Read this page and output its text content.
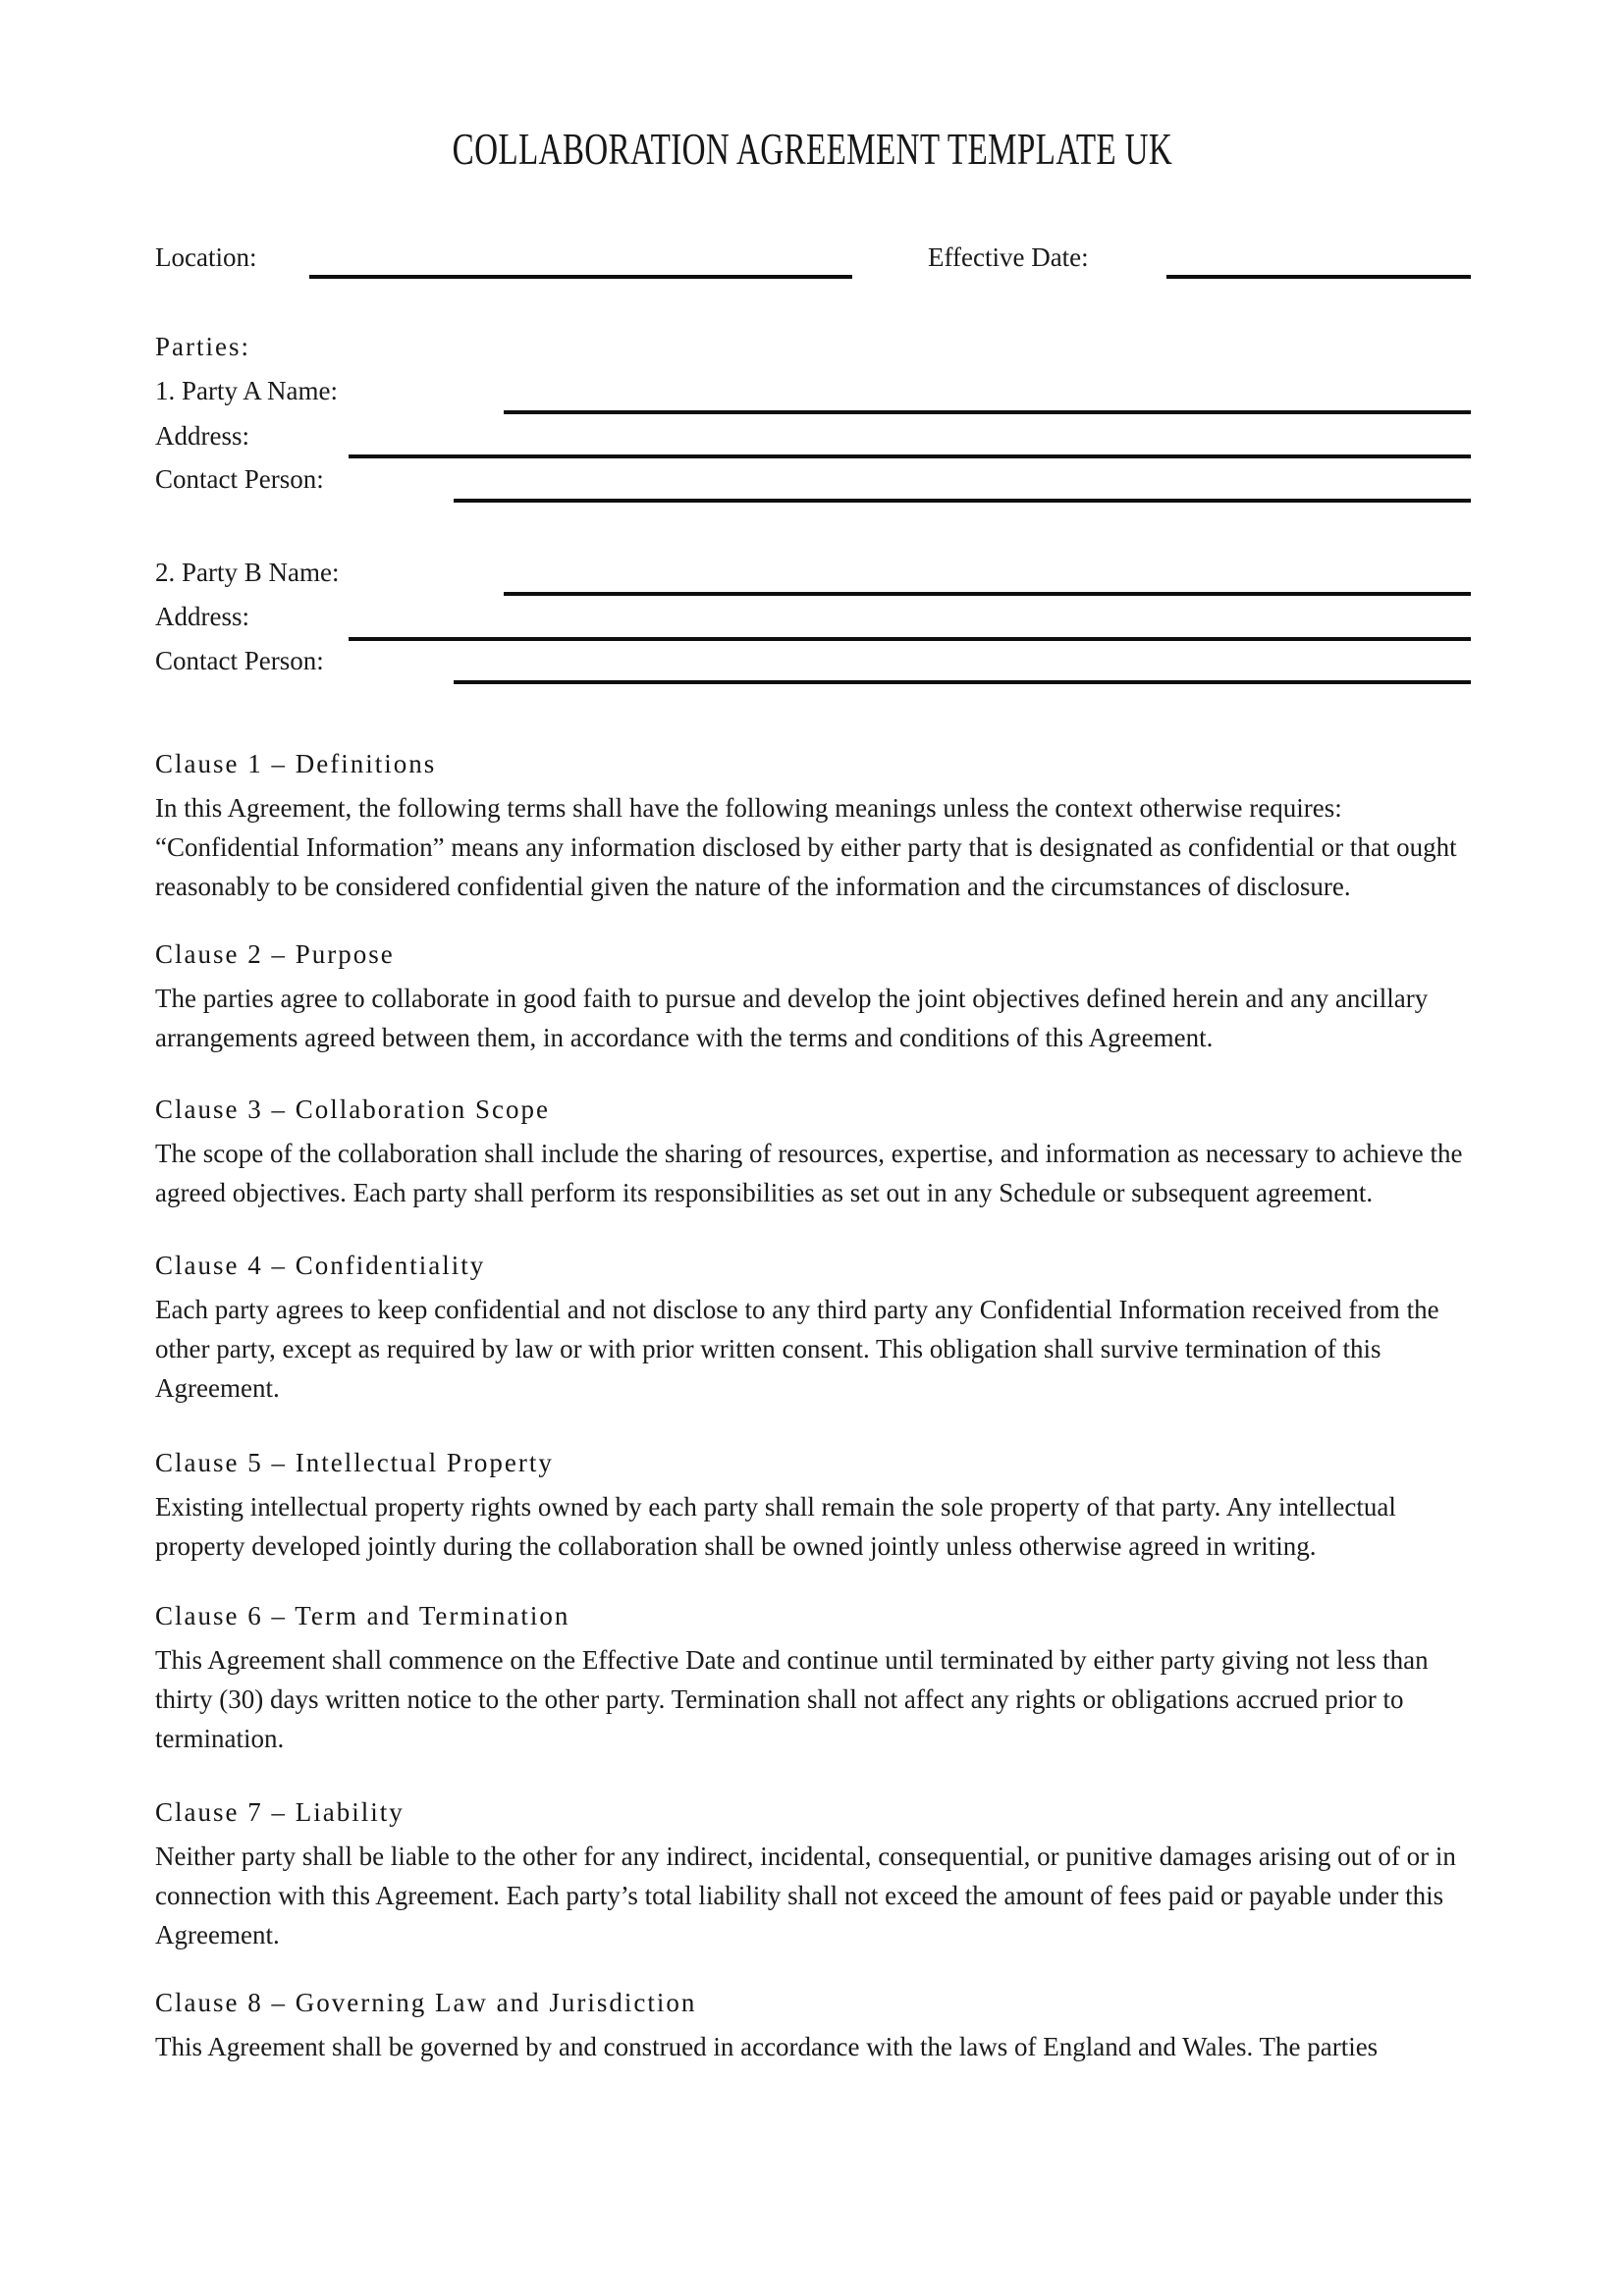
COLLABORATION AGREEMENT TEMPLATE UK
Location:	Effective Date:
Parties:
1. Party A Name:
Address:
Contact Person:
2. Party B Name:
Address:
Contact Person:
Clause 1 – Definitions

In this Agreement, the following terms shall have the following meanings unless the context otherwise requires: “Confidential Information” means any information disclosed by either party that is designated as confidential or that ought reasonably to be considered confidential given the nature of the information and the circumstances of disclosure.

Clause 2 – Purpose

The parties agree to collaborate in good faith to pursue and develop the joint objectives defined herein and any ancillary arrangements agreed between them, in accordance with the terms and conditions of this Agreement.

Clause 3 – Collaboration Scope

The scope of the collaboration shall include the sharing of resources, expertise, and information as necessary to achieve the agreed objectives. Each party shall perform its responsibilities as set out in any Schedule or subsequent agreement.

Clause 4 – Confidentiality

Each party agrees to keep confidential and not disclose to any third party any Confidential Information received from the other party, except as required by law or with prior written consent. This obligation shall survive termination of this Agreement.

Clause 5 – Intellectual Property

Existing intellectual property rights owned by each party shall remain the sole property of that party. Any intellectual property developed jointly during the collaboration shall be owned jointly unless otherwise agreed in writing.

Clause 6 – Term and Termination

This Agreement shall commence on the Effective Date and continue until terminated by either party giving not less than thirty (30) days written notice to the other party. Termination shall not affect any rights or obligations accrued prior to termination.

Clause 7 – Liability

Neither party shall be liable to the other for any indirect, incidental, consequential, or punitive damages arising out of or in connection with this Agreement. Each party’s total liability shall not exceed the amount of fees paid or payable under this Agreement.

Clause 8 – Governing Law and Jurisdiction

This Agreement shall be governed by and construed in accordance with the laws of England and Wales. The parties
